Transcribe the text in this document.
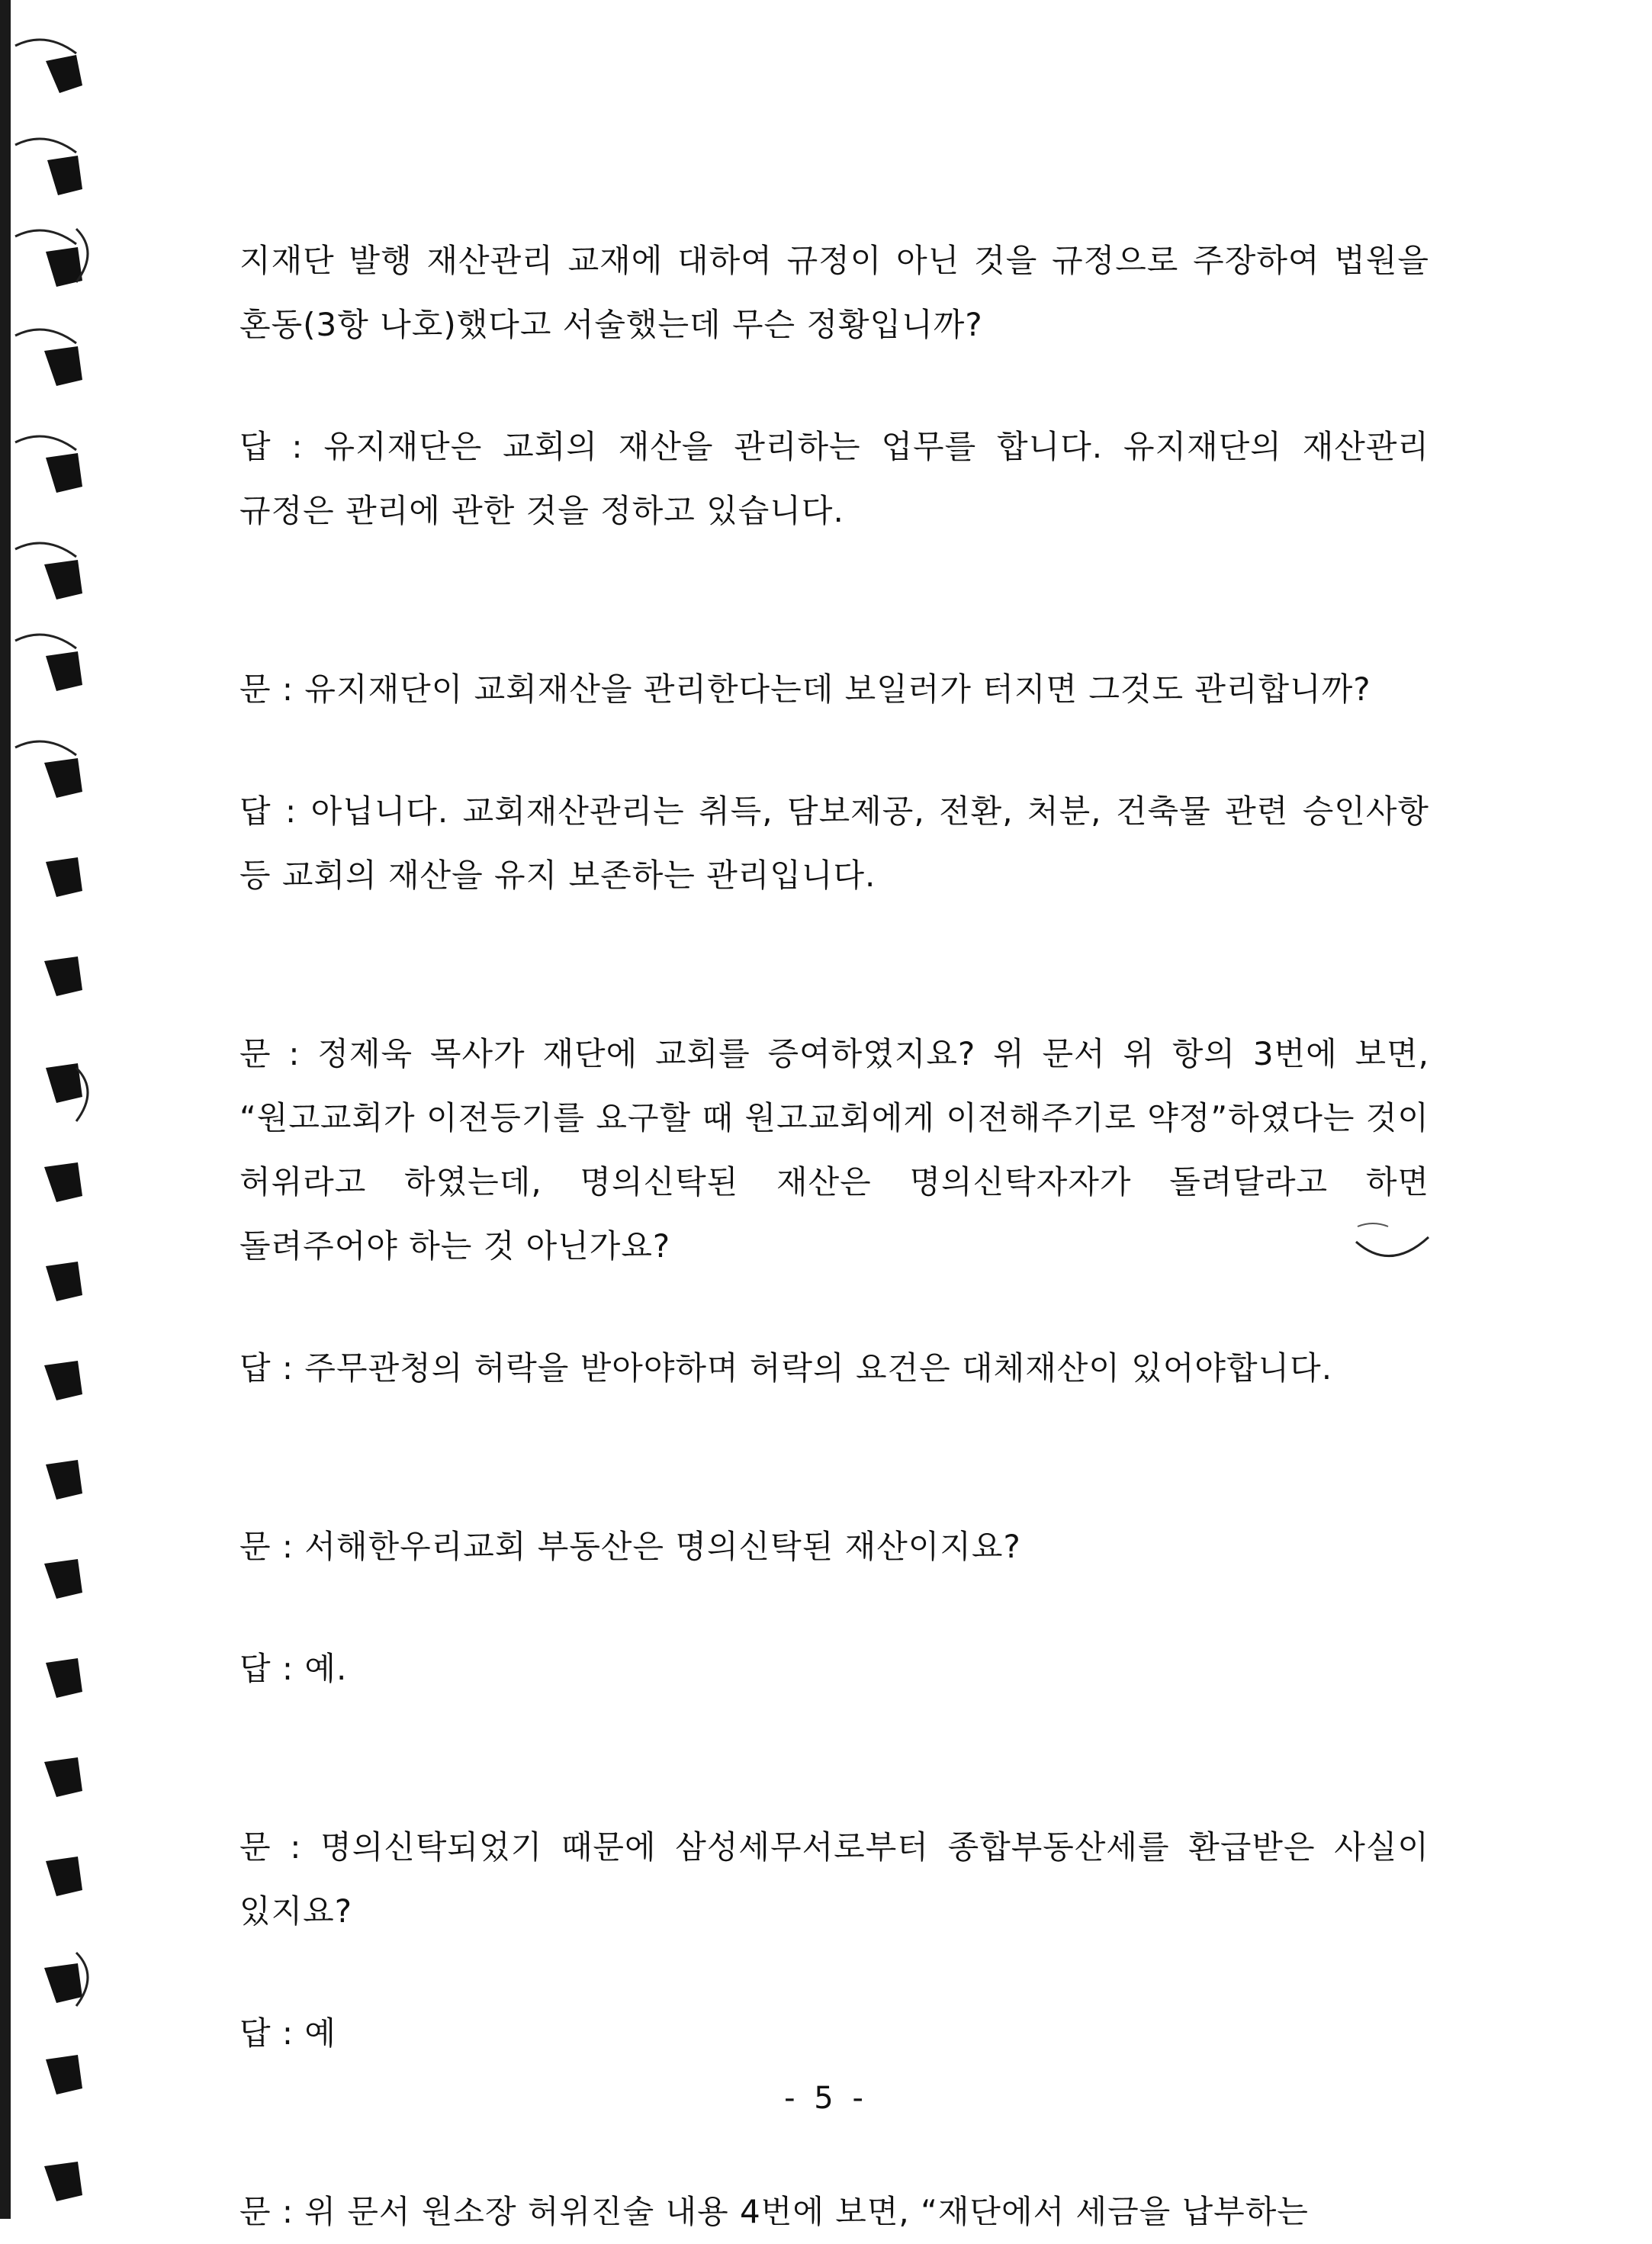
지재단 발행 재산관리 교재에 대하여 규정이 아닌 것을 규정으로 주장하여 법원을 혼동(3항 나호)했다고 서술했는데 무슨 정황입니까?

답 : 유지재단은 교회의 재산을 관리하는 업무를 합니다. 유지재단의 재산관리 규정은 관리에 관한 것을 정하고 있습니다.

문 : 유지재단이 교회재산을 관리한다는데 보일러가 터지면 그것도 관리합니까?

답 : 아닙니다. 교회재산관리는 취득, 담보제공, 전환, 처분, 건축물 관련 승인사항 등 교회의 재산을 유지 보존하는 관리입니다.

문 : 정제욱 목사가 재단에 교회를 증여하였지요? 위 문서 위 항의 3번에 보면, “원고교회가 이전등기를 요구할 때 원고교회에게 이전해주기로 약정”하였다는 것이 허위라고 하였는데, 명의신탁된 재산은 명의신탁자자가 돌려달라고 하면 돌려주어야 하는 것 아닌가요?

답 : 주무관청의 허락을 받아야하며 허락의 요건은 대체재산이 있어야합니다.

문 : 서해한우리교회 부동산은 명의신탁된 재산이지요?

답 : 예.

문 : 명의신탁되었기 때문에 삼성세무서로부터 종합부동산세를 환급받은 사실이 있지요?

답 : 예

문 : 위 문서 원소장 허위진술 내용 4번에 보면, “재단에서 세금을 납부하는

- 5 -
